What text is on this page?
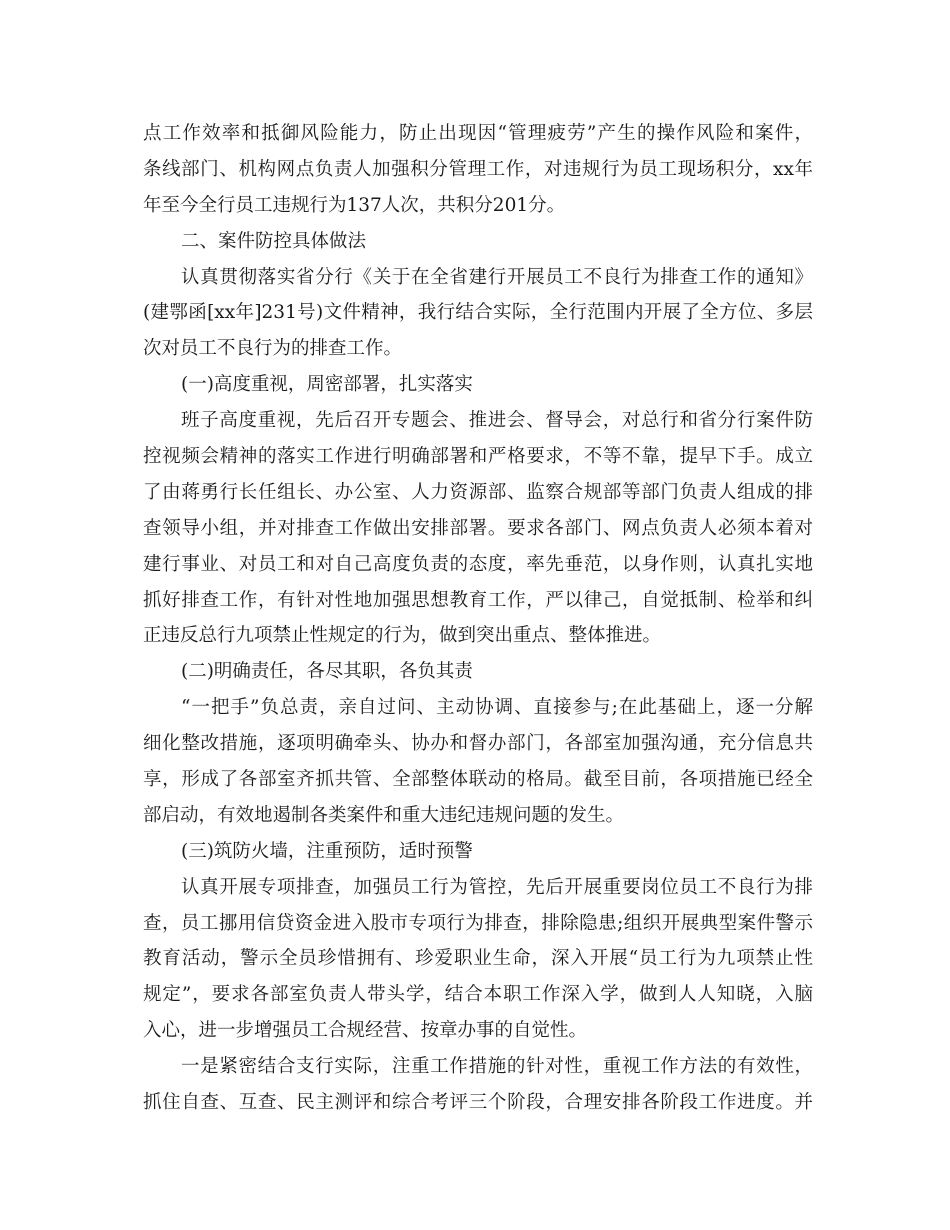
点工作效率和抵御风险能力，防止出现因“管理疲劳”产生的操作风险和案件，
条线部门、机构网点负责人加强积分管理工作，对违规行为员工现场积分，xx年
年至今全行员工违规行为137人次，共积分201分。
二、案件防控具体做法
认真贯彻落实省分行《关于在全省建行开展员工不良行为排查工作的通知》
(建鄂函[xx年]231号)文件精神，我行结合实际，全行范围内开展了全方位、多层
次对员工不良行为的排查工作。
(一)高度重视，周密部署，扎实落实
班子高度重视，先后召开专题会、推进会、督导会，对总行和省分行案件防
控视频会精神的落实工作进行明确部署和严格要求，不等不靠，提早下手。成立
了由蒋勇行长任组长、办公室、人力资源部、监察合规部等部门负责人组成的排
查领导小组，并对排查工作做出安排部署。要求各部门、网点负责人必须本着对
建行事业、对员工和对自己高度负责的态度，率先垂范，以身作则，认真扎实地
抓好排查工作，有针对性地加强思想教育工作，严以律己，自觉抵制、检举和纠
正违反总行九项禁止性规定的行为，做到突出重点、整体推进。
(二)明确责任，各尽其职，各负其责
“一把手”负总责，亲自过问、主动协调、直接参与;在此基础上，逐一分解
细化整改措施，逐项明确牵头、协办和督办部门，各部室加强沟通，充分信息共
享，形成了各部室齐抓共管、全部整体联动的格局。截至目前，各项措施已经全
部启动，有效地遏制各类案件和重大违纪违规问题的发生。
(三)筑防火墙，注重预防，适时预警
认真开展专项排查，加强员工行为管控，先后开展重要岗位员工不良行为排
查，员工挪用信贷资金进入股市专项行为排查，排除隐患;组织开展典型案件警示
教育活动，警示全员珍惜拥有、珍爱职业生命，深入开展“员工行为九项禁止性
规定”，要求各部室负责人带头学，结合本职工作深入学，做到人人知晓，入脑
入心，进一步增强员工合规经营、按章办事的自觉性。
一是紧密结合支行实际，注重工作措施的针对性，重视工作方法的有效性，
抓住自查、互查、民主测评和综合考评三个阶段，合理安排各阶段工作进度。并
